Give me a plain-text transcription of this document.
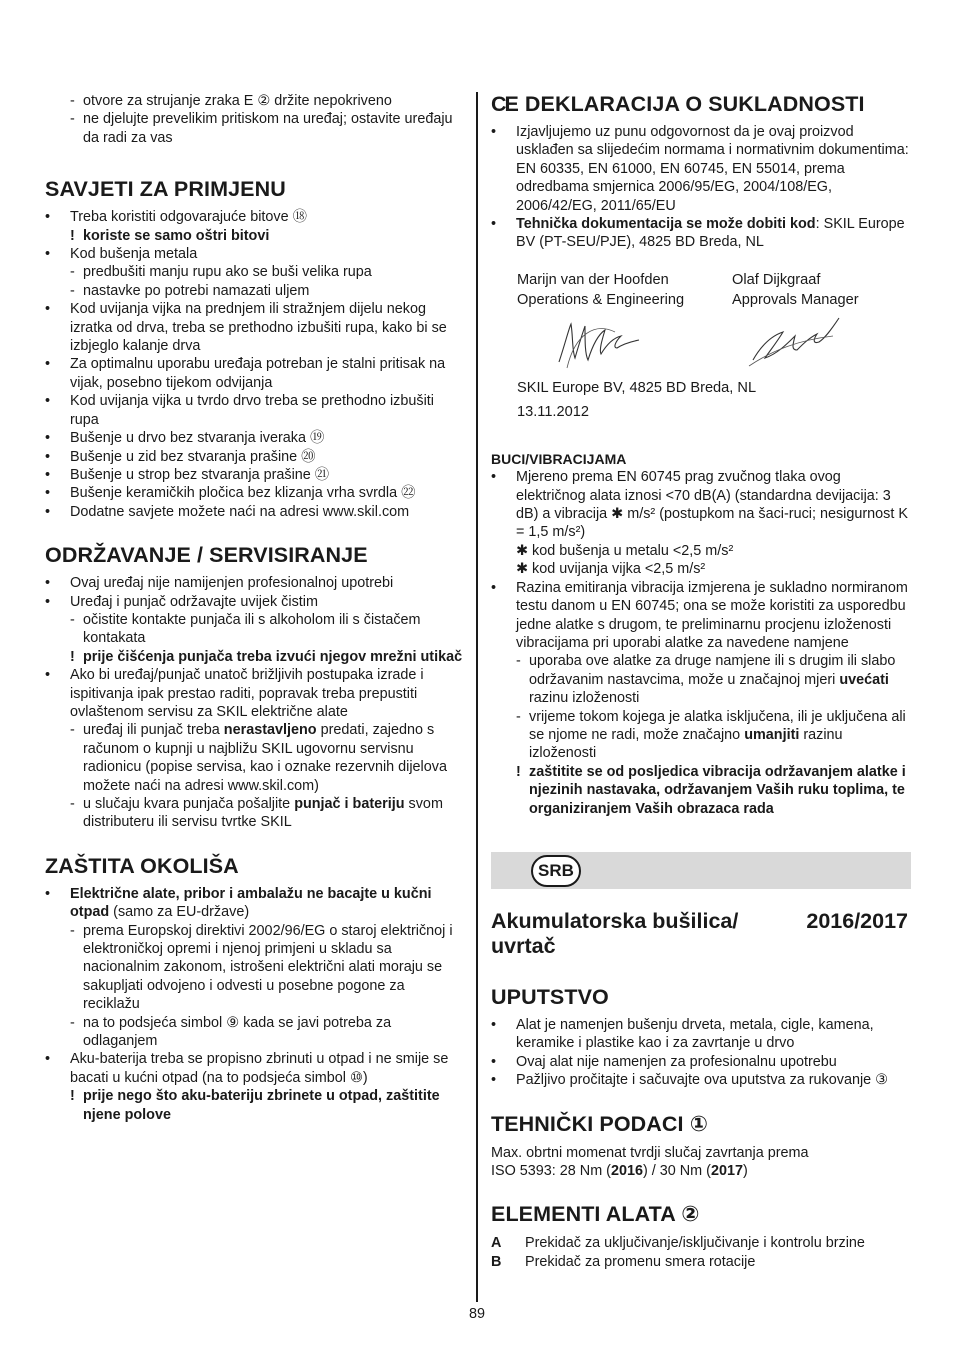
- otvore za strujanje zraka E ② držite nepokriveno
- ne djelujte prevelikim pritiskom na uređaj; ostavite uređaju da radi za vas
SAVJETI ZA PRIMJENU
• Treba koristiti odgovarajuće bitove ⑱
! koriste se samo oštri bitovi
• Kod bušenja metala
- predbušiti manju rupu ako se buši velika rupa
- nastavke po potrebi namazati uljem
• Kod uvijanja vijka na prednjem ili stražnjem dijelu nekog izratka od drva, treba se prethodno izbušiti rupa, kako bi se izbjeglo kalanje drva
• Za optimalnu uporabu uređaja potreban je stalni pritisak na vijak, posebno tijekom odvijanja
• Kod uvijanja vijka u tvrdo drvo treba se prethodno izbušiti rupa
• Bušenje u drvo bez stvaranja iveraka ⑲
• Bušenje u zid bez stvaranja prašine ⑳
• Bušenje u strop bez stvaranja prašine ㉑
• Bušenje keramičkih pločica bez klizanja vrha svrdla ㉒
• Dodatne savjete možete naći na adresi www.skil.com
ODRŽAVANJE / SERVISIRANJE
• Ovaj uređaj nije namijenjen profesionalnoj upotrebi
• Uređaj i punjač održavajte uvijek čistim
- očistite kontakte punjača ili s alkoholom ili s čistačem kontakata
! prije čišćenja punjača treba izvući njegov mrežni utikač
• Ako bi uređaj/punjač unatoč brižljivih postupaka izrade i ispitivanja ipak prestao raditi, popravak treba prepustiti ovlaštenom servisu za SKIL električne alate
- uređaj ili punjač treba nerastavljeno predati, zajedno s računom o kupnji u najbližu SKIL ugovornu servisnu radionicu (popise servisa, kao i oznake rezervnih dijelova možete naći na adresi www.skil.com)
- u slučaju kvara punjača pošaljite punjač i bateriju svom distributeru ili servisu tvrtke SKIL
ZAŠTITA OKOLIŠA
• Električne alate, pribor i ambalažu ne bacajte u kučni otpad (samo za EU-države)
- prema Europskoj direktivi 2002/96/EG o staroj električnoj i elektroničkoj opremi i njenoj primjeni u skladu sa nacionalnim zakonom, istrošeni električni alati moraju se sakupljati odvojeno i odvesti u posebne pogone za reciklažu
- na to podsjeća simbol ⑨ kada se javi potreba za odlaganjem
• Aku-baterija treba se propisno zbrinuti u otpad i ne smije se bacati u kućni otpad (na to podsjeća simbol ⑩)
! prije nego što aku-bateriju zbrinete u otpad, zaštitite njene polove
CE DEKLARACIJA O SUKLADNOSTI
• Izjavljujemo uz punu odgovornost da je ovaj proizvod usklađen sa slijedećim normama i normativnim dokumentima: EN 60335, EN 61000, EN 60745, EN 55014, prema odredbama smjernica 2006/95/EG, 2004/108/EG, 2006/42/EG, 2011/65/EU
• Tehnička dokumentacija se može dobiti kod: SKIL Europe BV (PT-SEU/PJE), 4825 BD Breda, NL
Marijn van der Hoofden
Operations & Engineering
Olaf Dijkgraaf
Approvals Manager
SKIL Europe BV, 4825 BD Breda, NL
13.11.2012
BUCI/VIBRACIJAMA
• Mjereno prema EN 60745 prag zvučnog tlaka ovog električnog alata iznosi <70 dB(A) (standardna devijacija: 3 dB) a vibracija ✱ m/s² (postupkom na šaci-ruci; nesigurnost K = 1,5 m/s²)
✱ kod bušenja u metalu <2,5 m/s²
✱ kod uvijanja vijka <2,5 m/s²
• Razina emitiranja vibracija izmjerena je sukladno normiranom testu danom u EN 60745; ona se može koristiti za usporedbu jedne alatke s drugom, te preliminarnu procjenu izloženosti vibracijama pri uporabi alatke za navedene namjene
- uporaba ove alatke za druge namjene ili s drugim ili slabo održavanim nastavcima, može u značajnoj mjeri uvećati razinu izloženosti
- vrijeme tokom kojega je alatka isključena, ili je uključena ali se njome ne radi, može značajno umanjiti razinu izloženosti
! zaštitite se od posljedica vibracija održavanjem alatke i njezinih nastavaka, održavanjem Vaših ruku toplima, te organiziranjem Vaših obrazaca rada
SRB
Akumulatorska bušilica/ uvrtač
2016/2017
UPUTSTVO
• Alat je namenjen bušenju drveta, metala, cigle, kamena, keramike i plastike kao i za zavrtanje u drvo
• Ovaj alat nije namenjen za profesionalnu upotrebu
• Pažljivo pročitajte i sačuvajte ova uputstva za rukovanje ③
TEHNIČKI PODACI ①
Max. obrtni momenat tvrdji slučaj zavrtanja prema
ISO 5393: 28 Nm (2016) / 30 Nm (2017)
ELEMENTI ALATA ②
A Prekidač za uključivanje/isključivanje i kontrolu brzine
B Prekidač za promenu smera rotacije
89
